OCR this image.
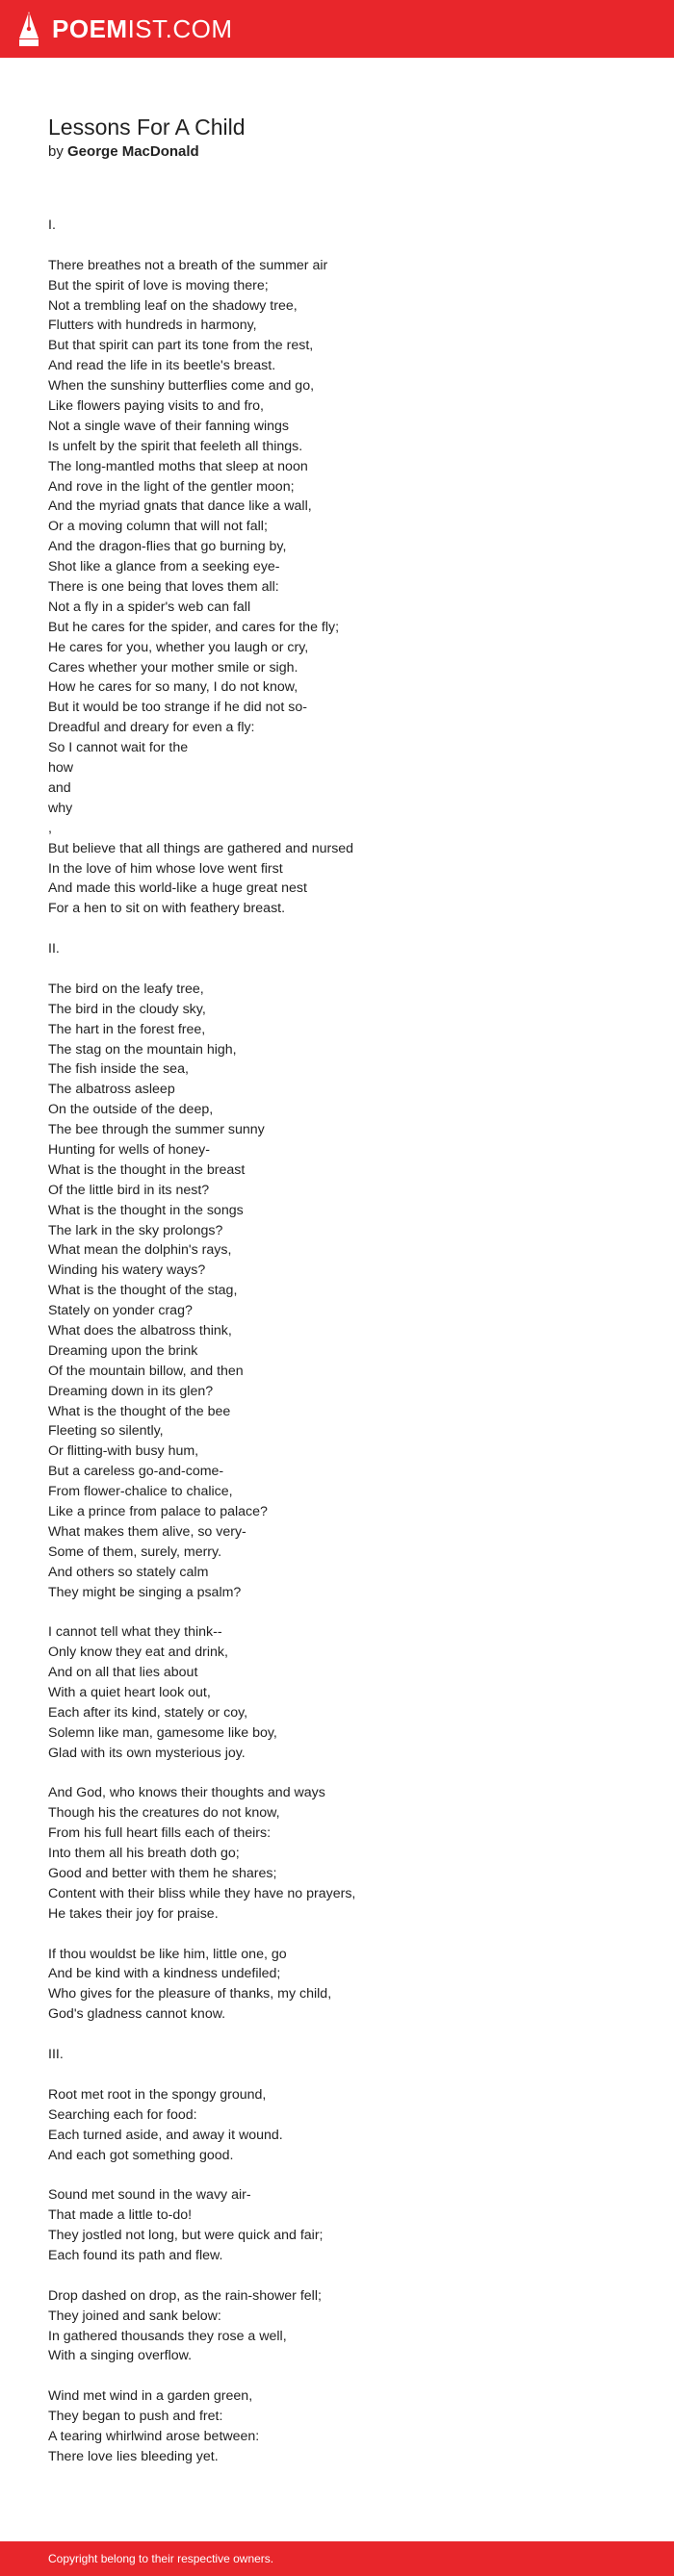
POEMIST.COM
Lessons For A Child
by George MacDonald
I.
There breathes not a breath of the summer air
But the spirit of love is moving there;
Not a trembling leaf on the shadowy tree,
Flutters with hundreds in harmony,
But that spirit can part its tone from the rest,
And read the life in its beetle's breast.
When the sunshiny butterflies come and go,
Like flowers paying visits to and fro,
Not a single wave of their fanning wings
Is unfelt by the spirit that feeleth all things.
The long-mantled moths that sleep at noon
And rove in the light of the gentler moon;
And the myriad gnats that dance like a wall,
Or a moving column that will not fall;
And the dragon-flies that go burning by,
Shot like a glance from a seeking eye-
There is one being that loves them all:
Not a fly in a spider's web can fall
But he cares for the spider, and cares for the fly;
He cares for you, whether you laugh or cry,
Cares whether your mother smile or sigh.
How he cares for so many, I do not know,
But it would be too strange if he did not so-
Dreadful and dreary for even a fly:
So I cannot wait for the
how
and
why
,
But believe that all things are gathered and nursed
In the love of him whose love went first
And made this world-like a huge great nest
For a hen to sit on with feathery breast.
II.
The bird on the leafy tree,
The bird in the cloudy sky,
The hart in the forest free,
The stag on the mountain high,
The fish inside the sea,
The albatross asleep
On the outside of the deep,
The bee through the summer sunny
Hunting for wells of honey-
What is the thought in the breast
Of the little bird in its nest?
What is the thought in the songs
The lark in the sky prolongs?
What mean the dolphin's rays,
Winding his watery ways?
What is the thought of the stag,
Stately on yonder crag?
What does the albatross think,
Dreaming upon the brink
Of the mountain billow, and then
Dreaming down in its glen?
What is the thought of the bee
Fleeting so silently,
Or flitting-with busy hum,
But a careless go-and-come-
From flower-chalice to chalice,
Like a prince from palace to palace?
What makes them alive, so very-
Some of them, surely, merry.
And others so stately calm
They might be singing a psalm?
I cannot tell what they think--
Only know they eat and drink,
And on all that lies about
With a quiet heart look out,
Each after its kind, stately or coy,
Solemn like man, gamesome like boy,
Glad with its own mysterious joy.
And God, who knows their thoughts and ways
Though his the creatures do not know,
From his full heart fills each of theirs:
Into them all his breath doth go;
Good and better with them he shares;
Content with their bliss while they have no prayers,
He takes their joy for praise.
If thou wouldst be like him, little one, go
And be kind with a kindness undefiled;
Who gives for the pleasure of thanks, my child,
God's gladness cannot know.
III.
Root met root in the spongy ground,
Searching each for food:
Each turned aside, and away it wound.
And each got something good.
Sound met sound in the wavy air-
That made a little to-do!
They jostled not long, but were quick and fair;
Each found its path and flew.
Drop dashed on drop, as the rain-shower fell;
They joined and sank below:
In gathered thousands they rose a well,
With a singing overflow.
Wind met wind in a garden green,
They began to push and fret:
A tearing whirlwind arose between:
There love lies bleeding yet.
Copyright belong to their respective owners.
